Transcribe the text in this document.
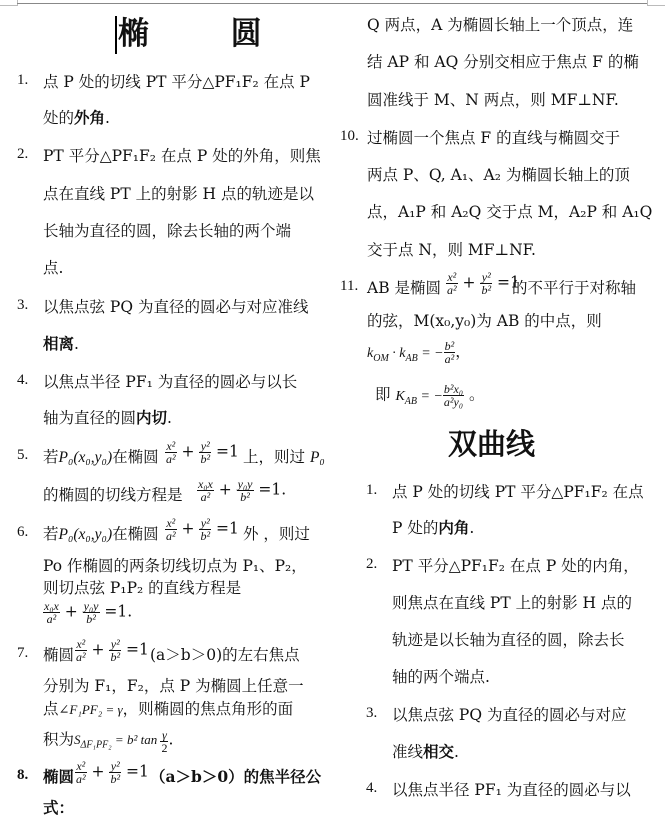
椭  圆
1. 点 P 处的切线 PT 平分△PF₁F₂ 在点 P
处的外角.
2. PT 平分△PF₁F₂ 在点 P 处的外角，则焦
点在直线 PT 上的射影 H 点的轨迹是以
长轴为直径的圆，除去长轴的两个端
点.
3. 以焦点弦 PQ 为直径的圆必与对应准线
相离.
4. 以焦点半径 PF₁ 为直径的圆必与以长
轴为直径的圆内切.
5. 若P₀(x₀,y₀)在椭圆 $\frac{\text{x²}}{\text{a²}} + \frac{\text{y²}}{\text{b²}} =1$ 上，则过 P₀
的椭圆的切线方程是 $\frac{\text{x₀x}}{\text{a²}} + \frac{\text{y₀y}}{\text{b²}} =1$.
6. 若P₀(x₀,y₀)在椭圆 $\frac{\text{x²}}{\text{a²}} + \frac{\text{y²}}{\text{b²}} =1$ 外 ，则过
Po 作椭圆的两条切线切点为 P₁、P₂，
则切点弦 P₁P₂ 的直线方程是
$\frac{\text{x₀x}}{\text{a²}} + \frac{\text{y₀y}}{\text{b²}} =1$.
7. 椭圆 $\frac{\text{x²}}{\text{a²}} + \frac{\text{y²}}{\text{b²}} =1$ (a＞b＞0)的左右焦点
分别为 F₁，F₂，点 P 为椭圆上任意一
点∠F₁PF₂ = γ，则椭圆的焦点角形的面
积为$S_{\Delta F_1PF_2} = b^2$ $\tan \frac{\gamma}{2}$ .
8. 椭圆 $\frac{\text{x²}}{\text{a²}} + \frac{\text{y²}}{\text{b²}} =1$ （a＞b＞0）的焦半径公
式：
Q 两点，A 为椭圆长轴上一个顶点，连
结 AP 和 AQ 分别交相应于焦点 F 的椭
圆准线于 M、N 两点，则 MF⊥NF.
10. 过椭圆一个焦点 F 的直线与椭圆交于
两点 P、Q, A₁、A₂ 为椭圆长轴上的顶
点，A₁P 和 A₂Q 交于点 M，A₂P 和 A₁Q
交于点 N，则 MF⊥NF.
11. AB 是椭圆 $\frac{\text{x²}}{\text{a²}} + \frac{\text{y²}}{\text{b²}} =1$
的不平行于对称轴
的弦，M(x₀,y₀)为 AB 的中点，则
$k_{OM} \cdot k_{AB}$ = − $\frac{\text{b²}}{\text{a²}}$ ，
即 $K_{AB}$ = − $\frac{\text{b²x₀}}{\text{a²y₀}}$ 。
双曲线
1. 点 P 处的切线 PT 平分△PF₁F₂ 在点
P 处的内角.
2. PT 平分△PF₁F₂ 在点 P 处的内角，
则焦点在直线 PT 上的射影 H 点的
轨迹是以长轴为直径的圆，除去长
轴的两个端点.
3. 以焦点弦 PQ 为直径的圆必与对应
准线相交.
4. 以焦点半径 PF₁ 为直径的圆必与以
